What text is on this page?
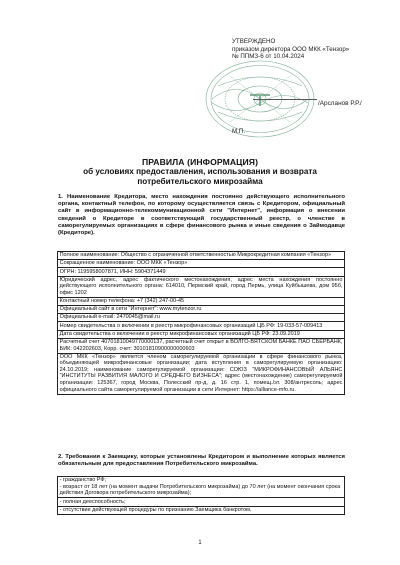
УТВЕРЖДЕНО
приказом директора ООО МКК «Тензор»
№ ППМЗ-6 от 10.04.2024
/Арсланов Р.Р./
М.П.
ПРАВИЛА (ИНФОРМАЦИЯ)
об условиях предоставления, использования и возврата
потребительского микрозайма
1. Наименование Кредитора, место нахождения постоянно действующего исполнительного органа, контактный телефон, по которому осуществляется связь с Кредитором, официальный сайт в информационно-телекоммуникационной сети "Интернет", информация о внесении сведений о Кредиторе в соответствующий государственный реестр, о членстве в саморегулируемых организациях в сфере финансового рынка и иные сведения о Займодавце (Кредиторе).
Полное наименование: Общество с ограниченной ответственностью Микрокредитная компания «Тензор»
Сокращенное наименование: ООО МКК «Тензор»
ОГРН: 1195958007871, ИНН: 5904371449
Юридический адрес, адрес фактического местонахождения, адрес места нахождения постоянно действующего исполнительного органа: 614010, Пермский край, город Пермь, улица Куйбышева, дом 95б, офис 1202
Контактный номер телефона: +7 (342) 247-00-45
Официальный сайт в сети "Интернет": www.mytenzor.ru
Официальный e-mail: 2470045@mail.ru
Номер свидетельства о включении в реестр микрофинансовых организаций ЦБ РФ: 19-033-57-009413
Дата свидетельства о включении в реестр микрофинансовых организаций ЦБ РФ: 23.09.2019
Расчетный счет 40701810049770000137, расчетный счет открыт в ВОЛГО-ВЯТСКОМ БАНКЕ ПАО СБЕРБАНК, БИК: 042202603, Корр. счет: 30101810900000000603
ООО МКК «Тензор» является членом саморегулируемой организации в сфере финансового рынка, объединяющей микрофинансовые организации; дата вступления в саморегулируемую организацию: 24.10.2019; наименование саморегулируемой организации: СОЮЗ "МИКРОФИНАНСОВЫЙ АЛЬЯНС "ИНСТИТУТЫ РАЗВИТИЯ МАЛОГО И СРЕДНЕГО БИЗНЕСА"; адрес (местонахождение) саморегулируемой организации: 125367, город Москва, Полесский пр-д, д. 16 стр. 1, помещ./эт. 308/антресоль; адрес официального сайта саморегулируемой организации в сети Интернет: https://alliance-mfo.ru.
2. Требования к Заемщику, которые установлены Кредитором и выполнение которых является обязательным для предоставления Потребительского микрозайма.
- гражданство РФ;
- возраст от 18 лет (на момент выдачи Потребительского микрозайма) до 70 лет (на момент окончания срока действия Договора потребительского микрозайма);
- полная дееспособность;
- отсутствие действующей процедуры по признанию Заемщика банкротом.
1
